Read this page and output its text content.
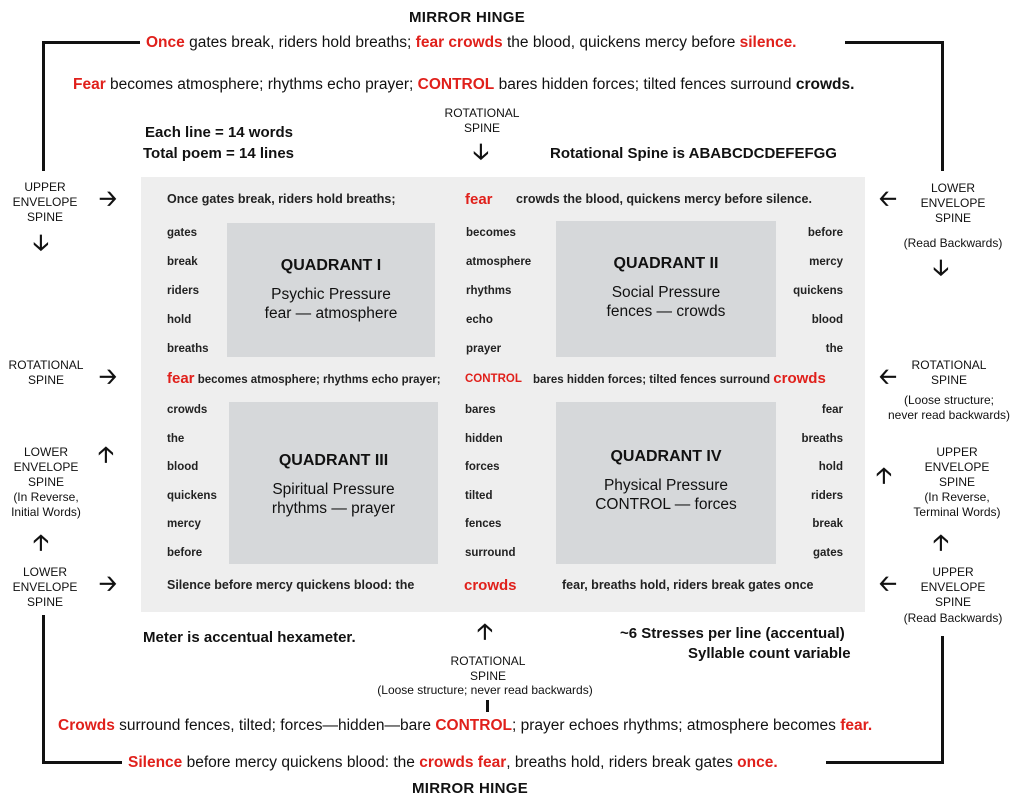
MIRROR HINGE
MIRROR HINGE
Once gates break, riders hold breaths; fear crowds the blood, quickens mercy before silence.
Fear becomes atmosphere; rhythms echo prayer; CONTROL bares hidden forces; tilted fences surround crowds.
Crowds surround fences, tilted; forces—hidden—bare CONTROL; prayer echoes rhythms; atmosphere becomes fear.
Silence before mercy quickens blood: the crowds fear, breaths hold, riders break gates once.
Each line = 14 words
Total poem = 14 lines	Rotational Spine is ABABCDCDEFEFGG
Meter is accentual hexameter.	~6 Stresses per line (accentual)
Syllable count variable
ROTATIONAL
SPINE
🡣
UPPER
ENVELOPE
SPINE
🡢
🡣
LOWER
ENVELOPE
SPINE
(Read Backwards)
🡠
🡣
ROTATIONAL
SPINE	🡢	ROTATIONAL
SPINE
🡠
(Loose structure;
never read backwards)
LOWER
ENVELOPE
SPINE
(In Reverse,
Initial Words)
🡡
🡡
UPPER
ENVELOPE
SPINE
(In Reverse,
Terminal Words)
🡡
🡡
LOWER
ENVELOPE
SPINE
🡢	UPPER
ENVELOPE
SPINE
(Read Backwards)
🡠
🡡
ROTATIONAL
SPINE
(Loose structure; never read backwards)
QUADRANT I
Psychic Pressure
fear — atmosphere
QUADRANT II
Social Pressure
fences — crowds
QUADRANT III
Spiritual Pressure
rhythms — prayer
QUADRANT IV
Physical Pressure
CONTROL — forces
Once gates break, riders hold breaths;	fear crowds the blood, quickens mercy before silence.
fear becomes atmosphere; rhythms echo prayer; CONTROL bares hidden forces; tilted fences surround crowds
Silence before mercy quickens blood: the	crowds	fear, breaths hold, riders break gates once
gates
break
riders
hold
breaths
becomes
atmosphere
rhythms
echo
prayer
before
mercy
quickens
blood
the
crowds
the
blood
quickens
mercy
before
bares
hidden
forces
tilted
fences
surround
fear
breaths
hold
riders
break
gates
